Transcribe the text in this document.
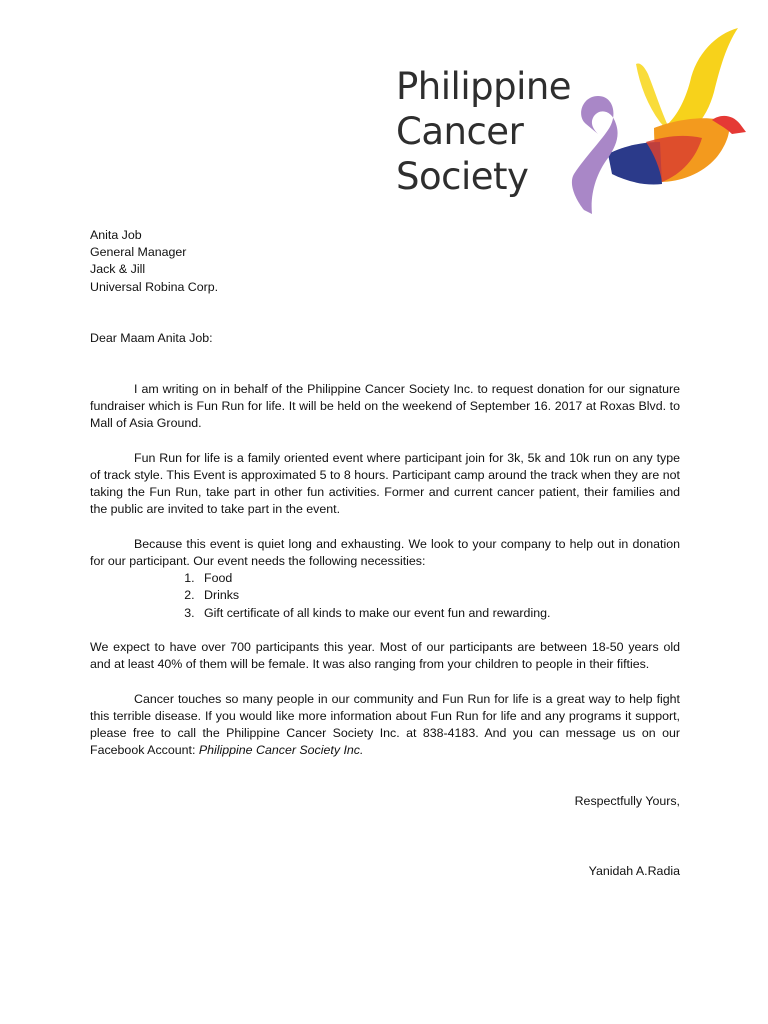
Philippine
Cancer
Society
Anita Job
General Manager
Jack & Jill
Universal Robina Corp.

Dear Maam Anita Job:

I am writing on in behalf of the Philippine Cancer Society Inc. to request donation for our signature fundraiser which is Fun Run for life. It will be held on the weekend of September 16. 2017 at Roxas Blvd. to Mall of Asia Ground.

Fun Run for life is a family oriented event where participant join for 3k, 5k and 10k run on any type of track style. This Event is approximated 5 to 8 hours. Participant camp around the track when they are not taking the Fun Run, take part in other fun activities. Former and current cancer patient, their families and the public are invited to take part in the event.

Because this event is quiet long and exhausting. We look to your company to help out in donation for our participant. Our event needs the following necessities:

1. Food
2. Drinks
3. Gift certificate of all kinds to make our event fun and rewarding.

We expect to have over 700 participants this year. Most of our participants are between 18-50 years old and at least 40% of them will be female. It was also ranging from your children to people in their fifties.

Cancer touches so many people in our community and Fun Run for life is a great way to help fight this terrible disease. If you would like more information about Fun Run for life and any programs it support, please free to call the Philippine Cancer Society Inc. at 838-4183. And you can message us on our Facebook Account: Philippine Cancer Society Inc.

Respectfully Yours,

Yanidah A.Radia
